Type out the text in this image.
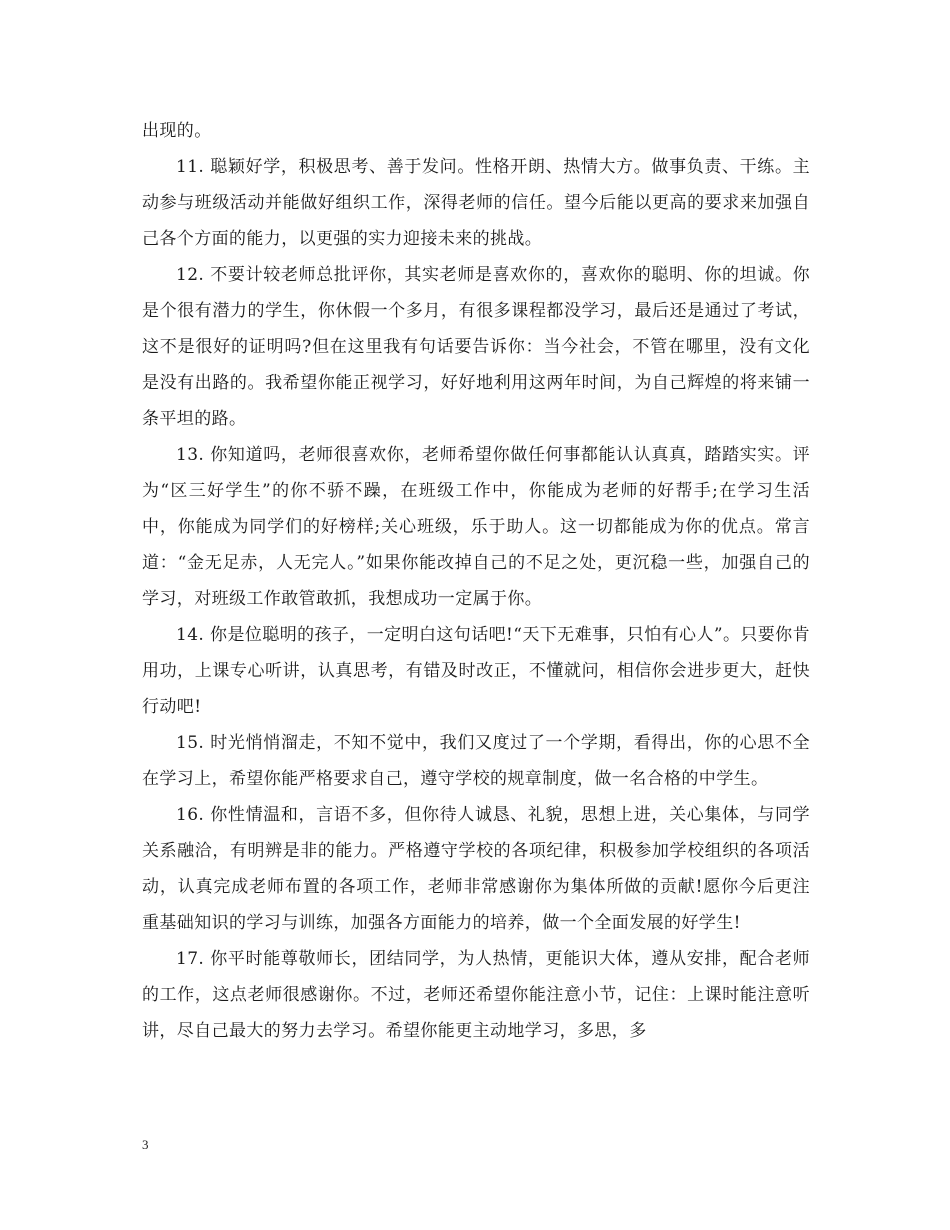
出现的。

11. 聪颖好学，积极思考、善于发问。性格开朗、热情大方。做事负责、干练。主动参与班级活动并能做好组织工作，深得老师的信任。望今后能以更高的要求来加强自己各个方面的能力，以更强的实力迎接未来的挑战。

12. 不要计较老师总批评你，其实老师是喜欢你的，喜欢你的聪明、你的坦诚。你是个很有潜力的学生，你休假一个多月，有很多课程都没学习，最后还是通过了考试，这不是很好的证明吗?但在这里我有句话要告诉你：当今社会，不管在哪里，没有文化是没有出路的。我希望你能正视学习，好好地利用这两年时间，为自己辉煌的将来铺一条平坦的路。

13. 你知道吗，老师很喜欢你，老师希望你做任何事都能认认真真，踏踏实实。评为“区三好学生”的你不骄不躁，在班级工作中，你能成为老师的好帮手;在学习生活中，你能成为同学们的好榜样;关心班级，乐于助人。这一切都能成为你的优点。常言道：“金无足赤，人无完人。”如果你能改掉自己的不足之处，更沉稳一些，加强自己的学习，对班级工作敢管敢抓，我想成功一定属于你。

14. 你是位聪明的孩子，一定明白这句话吧!“天下无难事，只怕有心人”。只要你肯用功，上课专心听讲，认真思考，有错及时改正，不懂就问，相信你会进步更大，赶快行动吧!

15. 时光悄悄溜走，不知不觉中，我们又度过了一个学期，看得出，你的心思不全在学习上，希望你能严格要求自己，遵守学校的规章制度，做一名合格的中学生。

16. 你性情温和，言语不多，但你待人诚恳、礼貌，思想上进，关心集体，与同学关系融洽，有明辨是非的能力。严格遵守学校的各项纪律，积极参加学校组织的各项活动，认真完成老师布置的各项工作，老师非常感谢你为集体所做的贡献!愿你今后更注重基础知识的学习与训练，加强各方面能力的培养，做一个全面发展的好学生!

17. 你平时能尊敬师长，团结同学，为人热情，更能识大体，遵从安排，配合老师的工作，这点老师很感谢你。不过，老师还希望你能注意小节，记住：上课时能注意听讲，尽自己最大的努力去学习。希望你能更主动地学习，多思，多

3
